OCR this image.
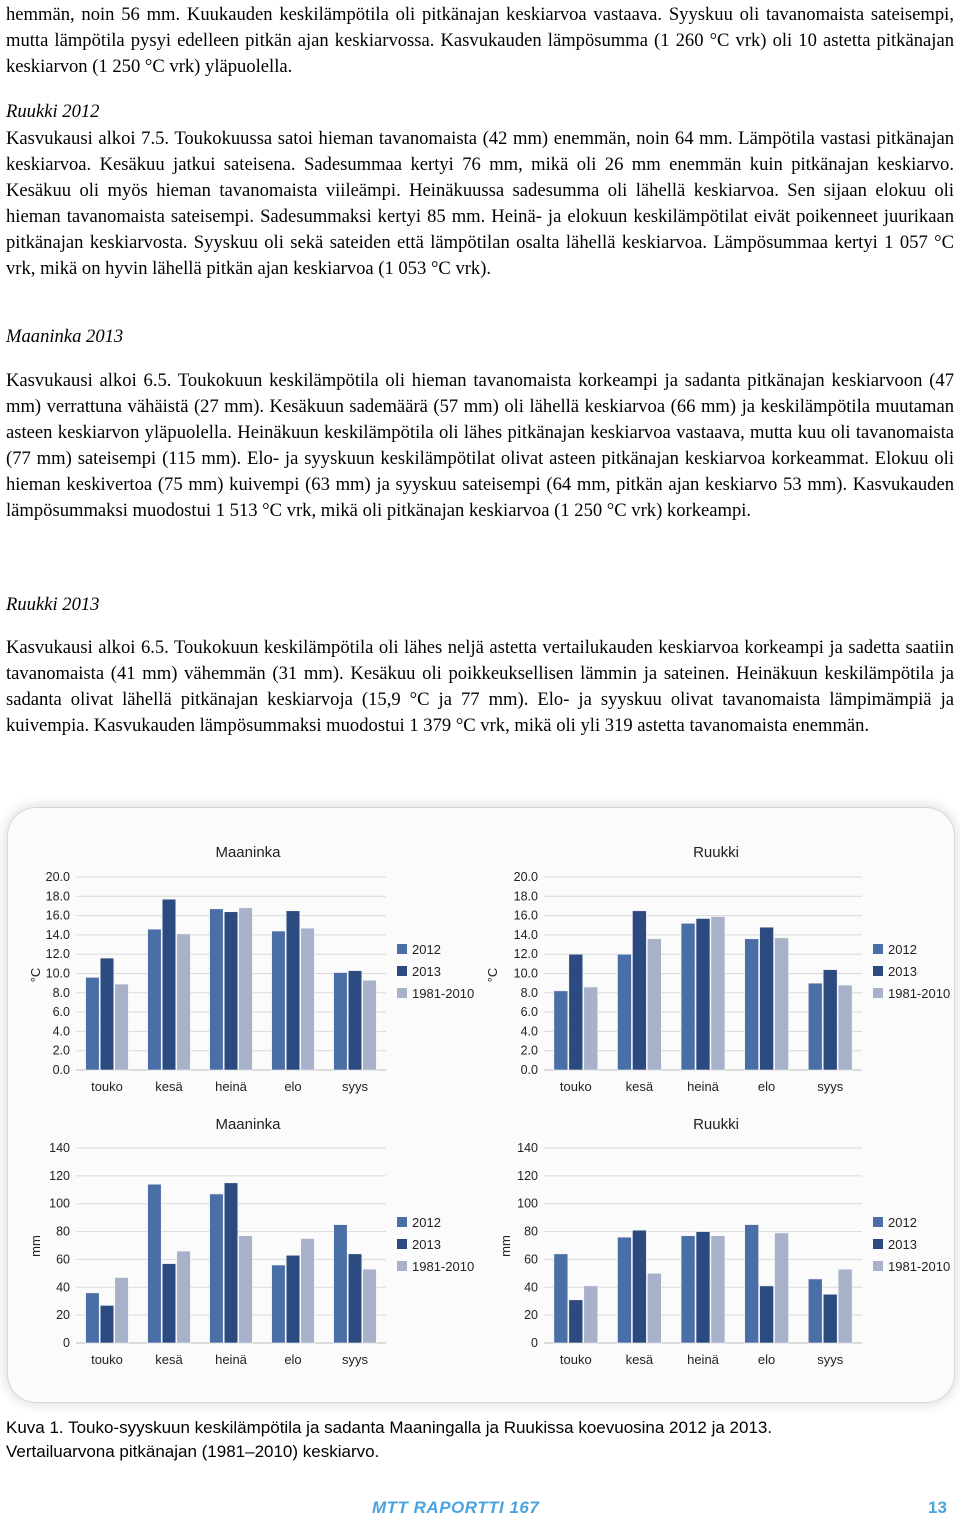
hemmän, noin 56 mm. Kuukauden keskilämpötila oli pitkänajan keskiarvoa vastaava. Syyskuu oli tavanomaista sateisempi, mutta lämpötila pysyi edelleen pitkän ajan keskiarvossa. Kasvukauden lämpösumma (1 260 °C vrk) oli 10 astetta pitkänajan keskiarvon (1 250 °C vrk) yläpuolella.
Ruukki 2012
Kasvukausi alkoi 7.5. Toukokuussa satoi hieman tavanomaista (42 mm) enemmän, noin 64 mm. Lämpötila vastasi pitkänajan keskiarvoa. Kesäkuu jatkui sateisena. Sadesummaa kertyi 76 mm, mikä oli 26 mm enemmän kuin pitkänajan keskiarvo. Kesäkuu oli myös hieman tavanomaista viileämpi. Heinäkuussa sadesumma oli lähellä keskiarvoa. Sen sijaan elokuu oli hieman tavanomaista sateisempi. Sadesummaksi kertyi 85 mm. Heinä- ja elokuun keskilämpötilat eivät poikenneet juurikaan pitkänajan keskiarvosta. Syyskuu oli sekä sateiden että lämpötilan osalta lähellä keskiarvoa. Lämpösummaa kertyi 1 057 °C vrk, mikä on hyvin lähellä pitkän ajan keskiarvoa (1 053 °C vrk).
Maaninka 2013
Kasvukausi alkoi 6.5. Toukokuun keskilämpötila oli hieman tavanomaista korkeampi ja sadanta pitkänajan keskiarvoon (47 mm) verrattuna vähäistä (27 mm). Kesäkuun sademäärä (57 mm) oli lähellä keskiarvoa (66 mm) ja keskilämpötila muutaman asteen keskiarvon yläpuolella. Heinäkuun keskilämpötila oli lähes pitkänajan keskiarvoa vastaava, mutta kuu oli tavanomaista (77 mm) sateisempi (115 mm). Elo- ja syyskuun keskilämpötilat olivat asteen pitkänajan keskiarvoa korkeammat. Elokuu oli hieman keskivertoa (75 mm) kuivempi (63 mm) ja syyskuu sateisempi (64 mm, pitkän ajan keskiarvo 53 mm). Kasvukauden lämpösummaksi muodostui 1 513 °C vrk, mikä oli pitkänajan keskiarvoa (1 250 °C vrk) korkeampi.
Ruukki 2013
Kasvukausi alkoi 6.5. Toukokuun keskilämpötila oli lähes neljä astetta vertailukauden keskiarvoa korkeampi ja sadetta saatiin tavanomaista (41 mm) vähemmän (31 mm). Kesäkuu oli poikkeuksellisen lämmin ja sateinen. Heinäkuun keskilämpötila ja sadanta olivat lähellä pitkänajan keskiarvoja (15,9 °C ja 77 mm). Elo- ja syyskuu olivat tavanomaista lämpimämpiä ja kuivempia. Kasvukauden lämpösummaksi muodostui 1 379 °C vrk, mikä oli yli 319 astetta tavanomaista enemmän.
Maaninka
°C
0.0
2.0
4.0
6.0
8.0
10.0
12.0
14.0
16.0
18.0
20.0
touko kesä heinä	elo	syys
2012
2013
1981-2010
Ruukki
°C
0.0
2.0
4.0
6.0
8.0
10.0
12.0
14.0
16.0
18.0
20.0
touko	kesä	heinä	elo	syys
2012
2013
1981-2010
Maaninka
mm
0
20
40
60
80
100
120
140
touko kesä heinä	elo	syys
2012
2013
1981-2010
Ruukki
mm
0
20
40
60
80
100
120
140
touko	kesä	heinä	elo	syys
2012
2013
1981-2010
Kuva 1. Touko-syyskuun keskilämpötila ja sadanta Maaningalla ja Ruukissa koevuosina 2012 ja 2013.
Vertailuarvona pitkänajan (1981–2010) keskiarvo.
MTT RAPORTTI 167	13
